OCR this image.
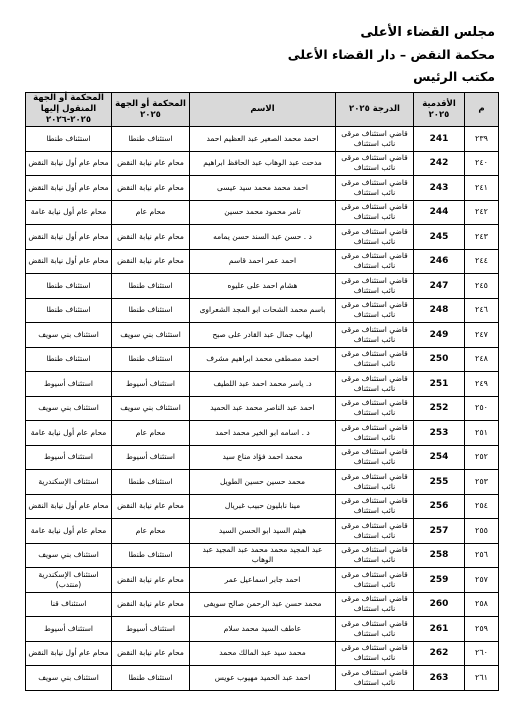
مجلس القضاء الأعلى
محكمة النقض – دار القضاء الأعلى
مكتب الرئيس
م	الأقدمية ٢٠٢٥	الدرجة ٢٠٢٥	الاسم	المحكمة أو الجهة ٢٠٢٥	المحكمة أو الجهة المنقول إليها ٢٠٢٥-٢٠٢٦
٢٣٩	241	قاضي استئناف مرقى نائب استئناف	احمد محمد الصغير عبد العظيم احمد	استئناف طنطا	استئناف طنطا
٢٤٠	242	قاضي استئناف مرقى نائب استئناف	مدحت عبد الوهاب عبد الحافظ ابراهيم	محام عام نيابة النقض	محام عام أول نيابة النقض
٢٤١	243	قاضي استئناف مرقى نائب استئناف	احمد محمد محمد سيد عيسى	محام عام نيابة النقض	محام عام أول نيابة النقض
٢٤٢	244	قاضي استئناف مرقى نائب استئناف	تامر محمود محمد حسين	محام عام	محام عام أول نيابة عامة
٢٤٣	245	قاضي استئناف مرقى نائب استئناف	د . حسن عبد السند حسن يمامه	محام عام نيابة النقض	محام عام أول نيابة النقض
٢٤٤	246	قاضي استئناف مرقى نائب استئناف	احمد عمر احمد قاسم	محام عام نيابة النقض	محام عام أول نيابة النقض
٢٤٥	247	قاضي استئناف مرقى نائب استئناف	هشام احمد على عليوه	استئناف طنطا	استئناف طنطا
٢٤٦	248	قاضي استئناف مرقى نائب استئناف	باسم محمد الشحات ابو المجد الشعراوى	استئناف طنطا	استئناف طنطا
٢٤٧	249	قاضي استئناف مرقى نائب استئناف	ايهاب جمال عبد القادر على صبح	استئناف بني سويف	استئناف بني سويف
٢٤٨	250	قاضي استئناف مرقى نائب استئناف	احمد مصطفى محمد ابراهيم مشرف	استئناف طنطا	استئناف طنطا
٢٤٩	251	قاضي استئناف مرقى نائب استئناف	د. ياسر محمد احمد عبد اللطيف	استئناف أسيوط	استئناف أسيوط
٢٥٠	252	قاضي استئناف مرقى نائب استئناف	احمد عبد الناصر محمد عبد الحميد	استئناف بني سويف	استئناف بني سويف
٢٥١	253	قاضي استئناف مرقى نائب استئناف	د . اسامه ابو الخير محمد احمد	محام عام	محام عام أول نيابة عامة
٢٥٢	254	قاضي استئناف مرقى نائب استئناف	محمد احمد فؤاد مناع سيد	استئناف أسيوط	استئناف أسيوط
٢٥٣	255	قاضي استئناف مرقى نائب استئناف	محمد حسين حسين الطويل	استئناف طنطا	استئناف الإسكندرية
٢٥٤	256	قاضي استئناف مرقى نائب استئناف	مينا نابليون حبيب غبريال	محام عام نيابة النقض	محام عام أول نيابة النقض
٢٥٥	257	قاضي استئناف مرقى نائب استئناف	هيثم السيد ابو الحسن السيد	محام عام	محام عام أول نيابة عامة
٢٥٦	258	قاضي استئناف مرقى نائب استئناف	عبد المجيد محمد محمد عبد المجيد عبد الوهاب	استئناف طنطا	استئناف بني سويف
٢٥٧	259	قاضي استئناف مرقى نائب استئناف	احمد جابر اسماعيل عمر	محام عام نيابة النقض	استئناف الإسكندرية (منتدب)
٢٥٨	260	قاضي استئناف مرقى نائب استئناف	محمد حسن عبد الرحمن صالح سويفى	محام عام نيابة النقض	استئناف قنا
٢٥٩	261	قاضي استئناف مرقى نائب استئناف	عاطف السيد محمد سلام	استئناف أسيوط	استئناف أسيوط
٢٦٠	262	قاضي استئناف مرقى نائب استئناف	محمد سيد عبد المالك محمد	محام عام نيابة النقض	محام عام أول نيابة النقض
٢٦١	263	قاضي استئناف مرقى نائب استئناف	احمد عبد الحميد مهيوب عويس	استئناف طنطا	استئناف بني سويف
